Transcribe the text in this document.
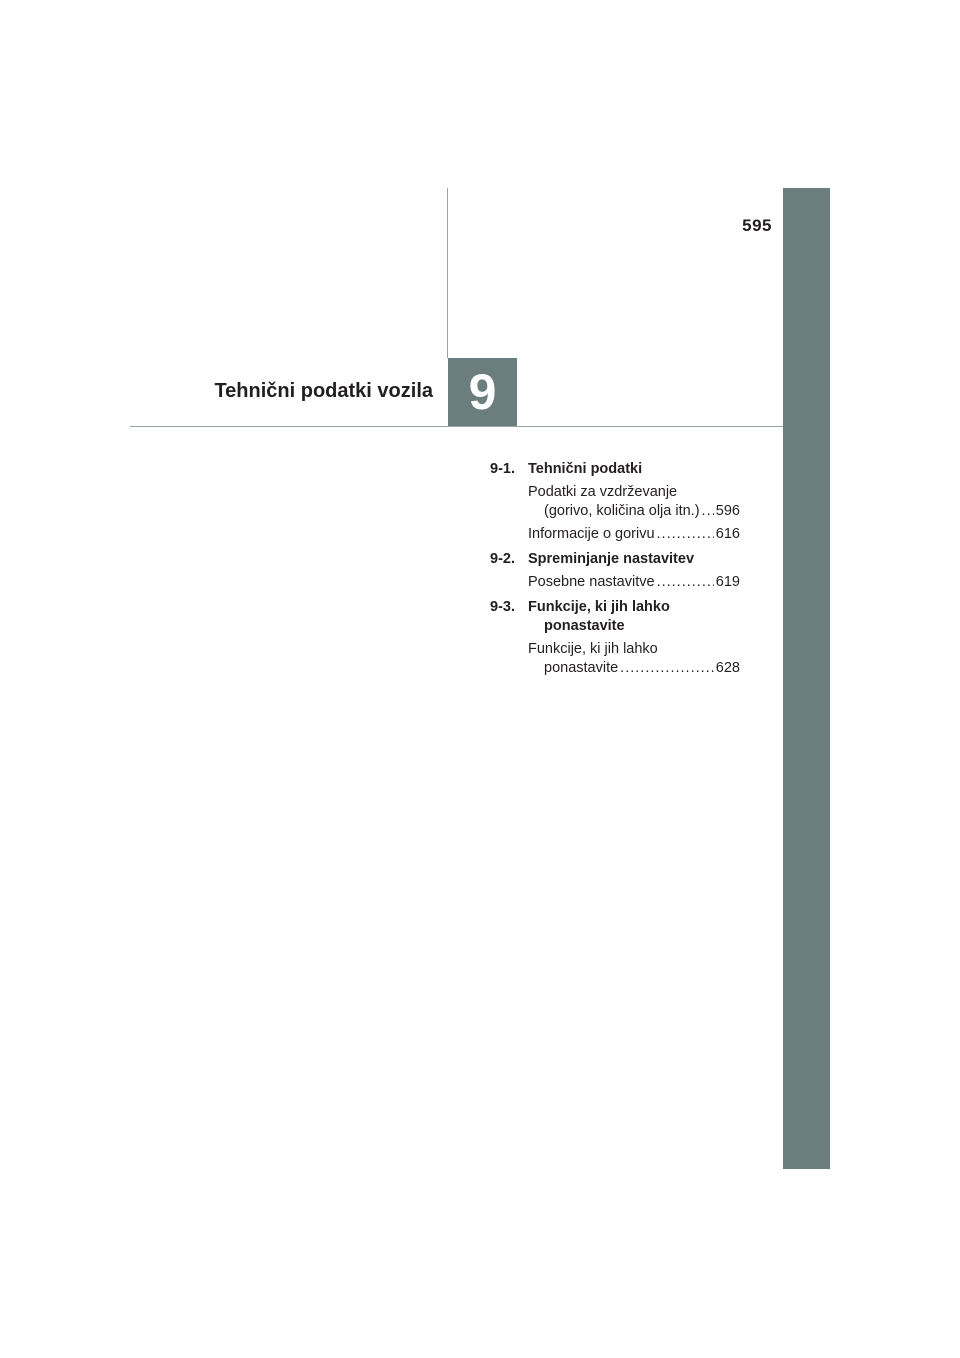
595
Tehnični podatki vozila 9
9-1. Tehnični podatki
Podatki za vzdrževanje
(gorivo, količina olja itn.) ..... 596
Informacije o gorivu .....	616
9-2. Spreminjanje nastavitev
Posebne nastavitve .....	619
9-3. Funkcije, ki jih lahko
ponastavite
Funkcije, ki jih lahko
ponastavite .....	628
